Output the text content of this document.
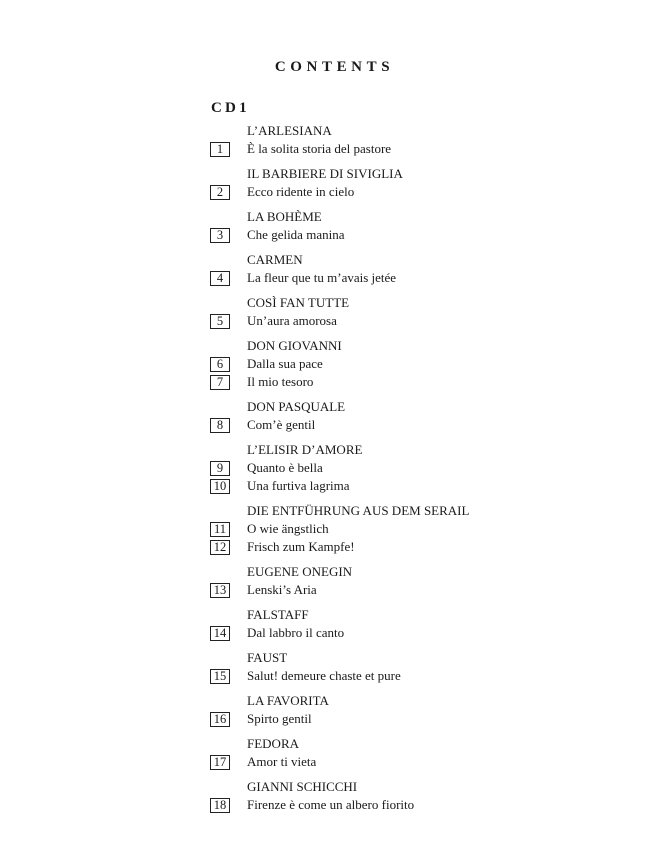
CONTENTS
CD1
L’ARLESIANA
1	È la solita storia del pastore
IL BARBIERE DI SIVIGLIA
2	Ecco ridente in cielo
LA BOHÈME
3	Che gelida manina
CARMEN
4	La fleur que tu m’avais jetée
COSÌ FAN TUTTE
5	Un’aura amorosa
DON GIOVANNI
6	Dalla sua pace
7	Il mio tesoro
DON PASQUALE
8	Com’è gentil
L’ELISIR D’AMORE
9	Quanto è bella
10 Una furtiva lagrima
DIE ENTFÜHRUNG AUS DEM SERAIL
11	O wie ängstlich
12 Frisch zum Kampfe!
EUGENE ONEGIN
13 Lenski’s Aria
FALSTAFF
14 Dal labbro il canto
FAUST
15 Salut! demeure chaste et pure
LA FAVORITA
16 Spirto gentil
FEDORA
17 Amor ti vieta
GIANNI SCHICCHI
18 Firenze è come un albero fiorito
